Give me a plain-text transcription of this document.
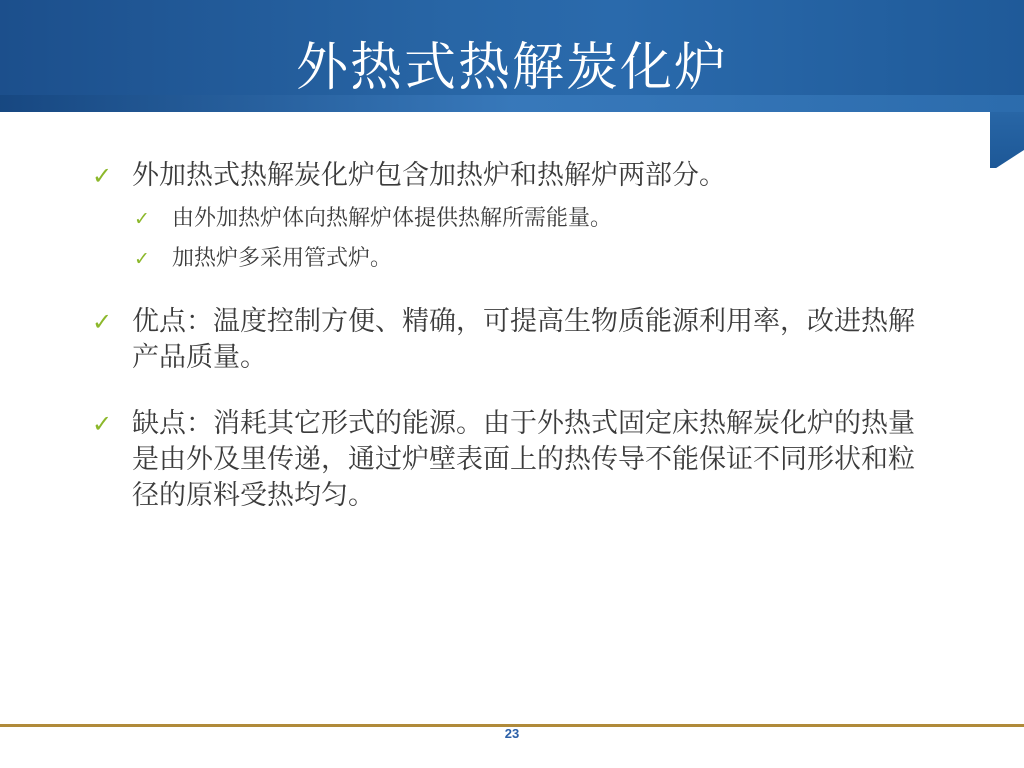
外热式热解炭化炉
✓ 外加热式热解炭化炉包含加热炉和热解炉两部分。
✓	由外加热炉体向热解炉体提供热解所需能量。
✓	加热炉多采用管式炉。
✓ 优点：温度控制方便、精确，可提高生物质能源利用率，改进热解产品质量。
✓ 缺点：消耗其它形式的能源。由于外热式固定床热解炭化炉的热量是由外及里传递，通过炉壁表面上的热传导不能保证不同形状和粒径的原料受热均匀。
23
